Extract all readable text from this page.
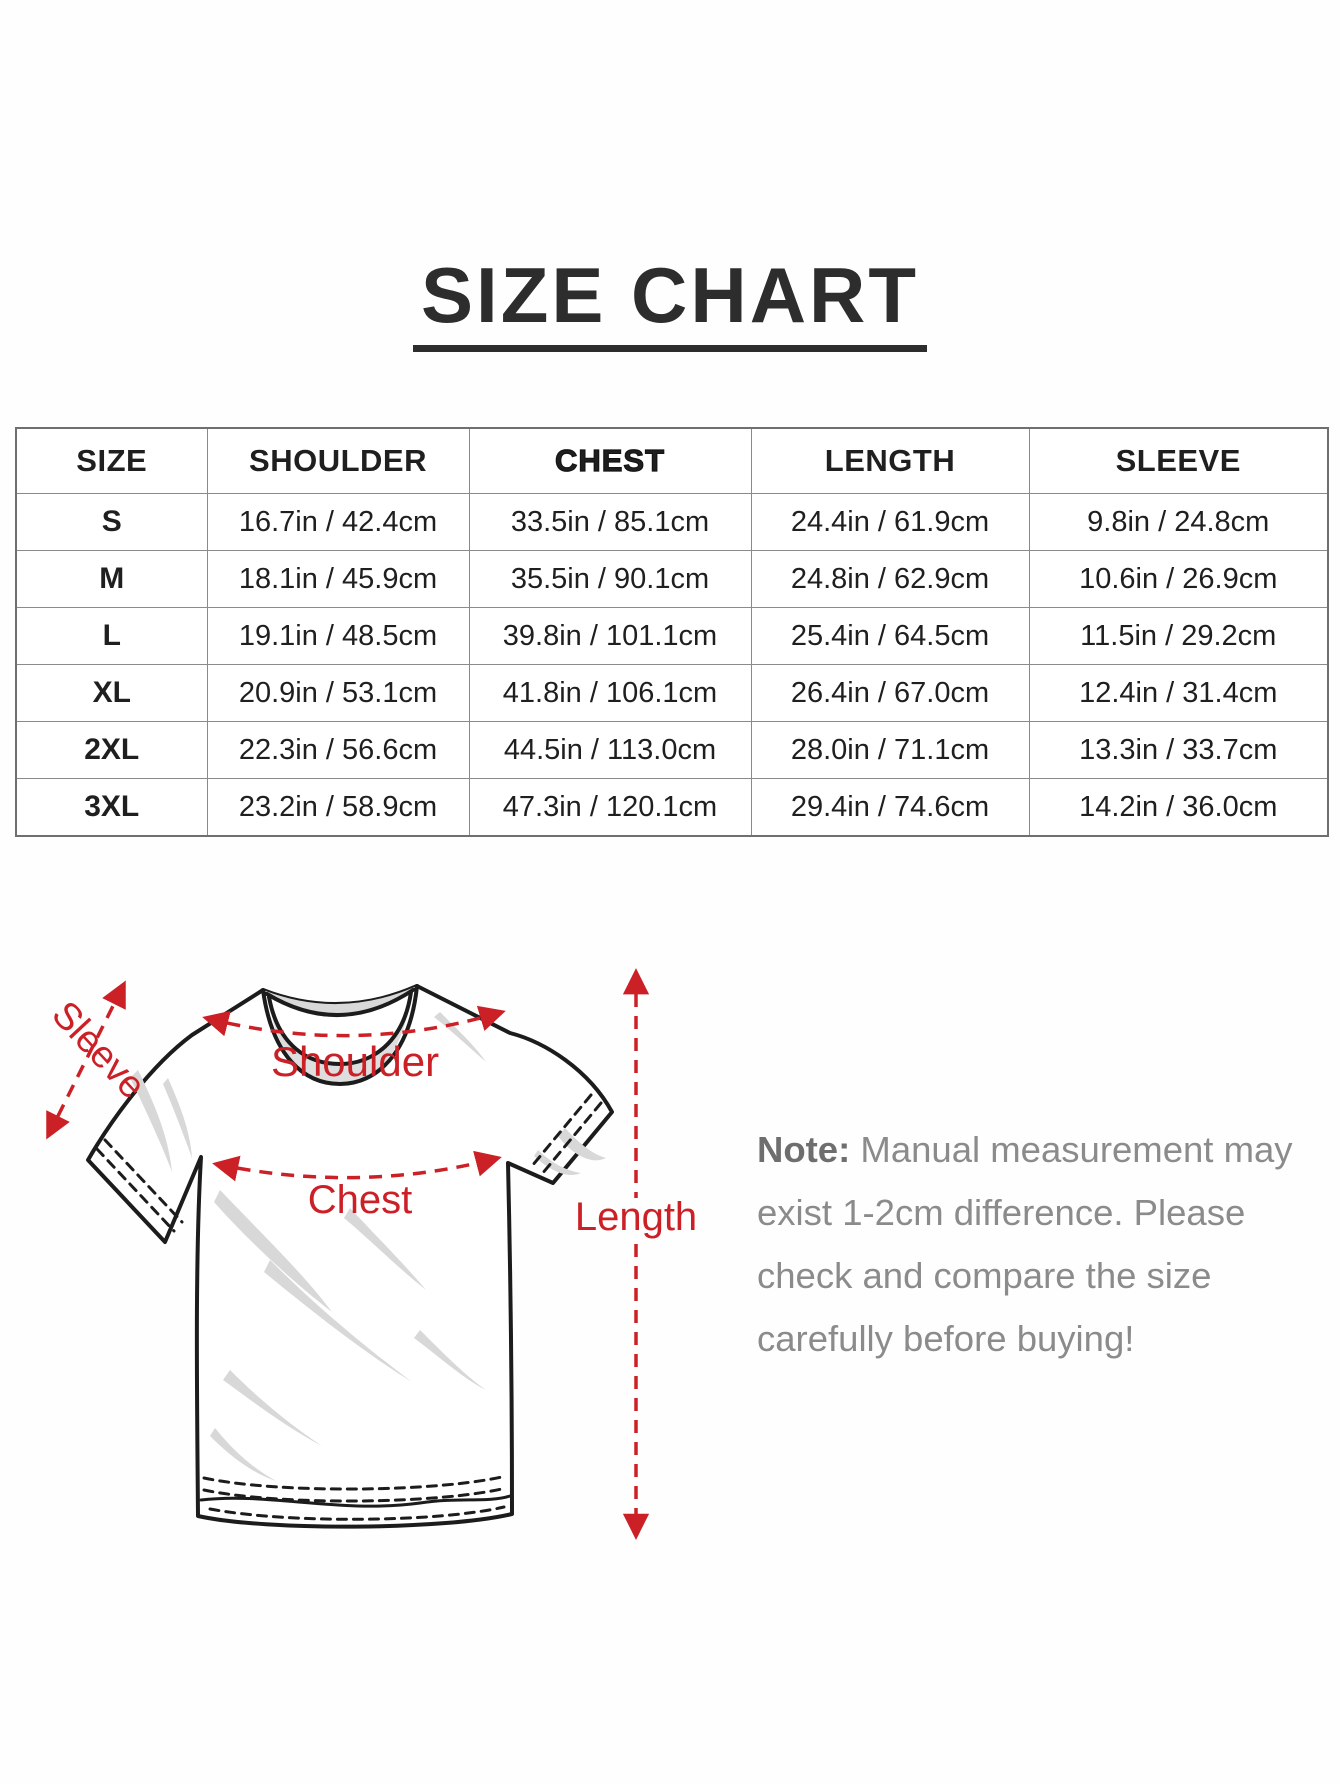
SIZE CHART
SIZE	SHOULDER	CHEST	LENGTH	SLEEVE
S	16.7in / 42.4cm	33.5in / 85.1cm	24.4in / 61.9cm	9.8in / 24.8cm
M	18.1in / 45.9cm	35.5in / 90.1cm	24.8in / 62.9cm	10.6in / 26.9cm
L	19.1in / 48.5cm	39.8in / 101.1cm	25.4in / 64.5cm	11.5in / 29.2cm
XL	20.9in / 53.1cm	41.8in / 106.1cm	26.4in / 67.0cm	12.4in / 31.4cm
2XL	22.3in / 56.6cm	44.5in / 113.0cm	28.0in / 71.1cm	13.3in / 33.7cm
3XL	23.2in / 58.9cm	47.3in / 120.1cm	29.4in / 74.6cm	14.2in / 36.0cm
Sleeve	Shoulder
Chest	Length
Note: Manual measurement may
exist 1-2cm difference. Please
check and compare the size
carefully before buying!
